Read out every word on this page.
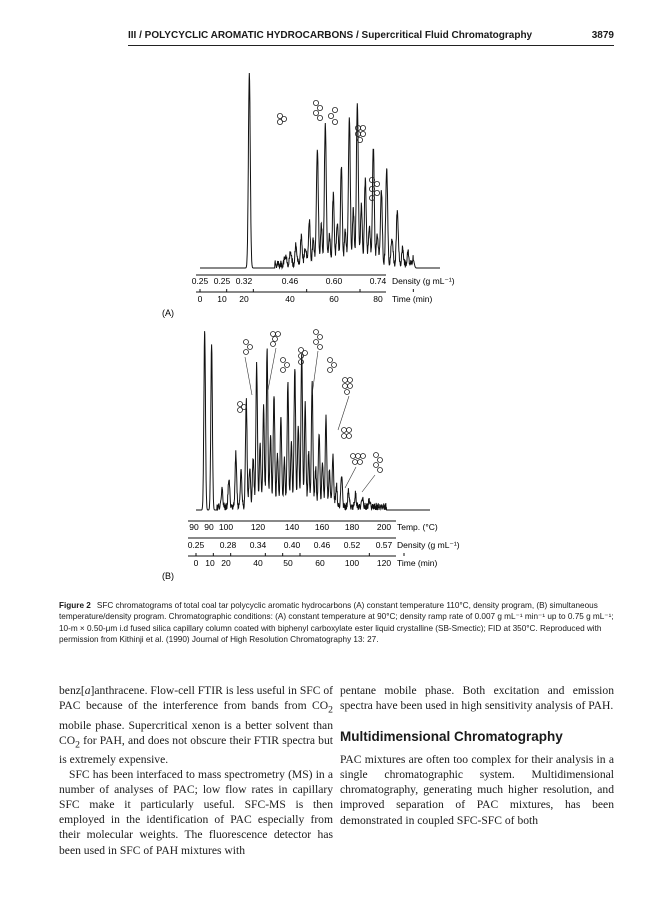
III / POLYCYCLIC AROMATIC HYDROCARBONS / Supercritical Fluid Chromatography	3879
0.25 0.25 0.32	0.46	0.60	0.74 Density (g mL⁻¹)
0 10 20	40	60	80 Time (min)
(A)
90 90 100 120 140 160 180 200 Temp. (°C)
0.25 0.28 0.34 0.40 0.46 0.52 0.57 Density (g mL⁻¹)
0 10 20	40 50	60 100 120 Time (min)
(B)
Figure 2 SFC chromatograms of total coal tar polycyclic aromatic hydrocarbons (A) constant temperature 110°C, density program, (B) simultaneous temperature/density program. Chromatographic conditions: (A) constant temperature at 90°C; density ramp rate of 0.007 g mL⁻¹ min⁻¹ up to 0.75 g mL⁻¹; 10-m × 0.50-μm i.d fused silica capillary column coated with biphenyl carboxylate ester liquid crystalline (SB-Smectic); FID at 350°C. Reproduced with permission from Kithinji et al. (1990) Journal of High Resolution Chromatography 13: 27.

benz[a]anthracene. Flow-cell FTIR is less useful in SFC of PAC because of the interference from bands from $CO_2$ mobile phase. Supercritical xenon is a better solvent than $CO_2$ for PAH, and does not obscure their FTIR spectra but is extremely expensive.

SFC has been interfaced to mass spectrometry (MS) in a number of analyses of PAC; low flow rates in capillary SFC make it particularly useful. SFC-MS is then employed in the identification of PAC especially from their molecular weights. The fluorescence detector has been used in SFC of PAH mixtures with

pentane mobile phase. Both excitation and emission spectra have been used in high sensitivity analysis of PAH.

Multidimensional Chromatography

PAC mixtures are often too complex for their analysis in a single chromatographic system. Multidimensional chromatography, generating much higher resolution, and improved separation of PAC mixtures, has been demonstrated in coupled SFC-SFC of both
